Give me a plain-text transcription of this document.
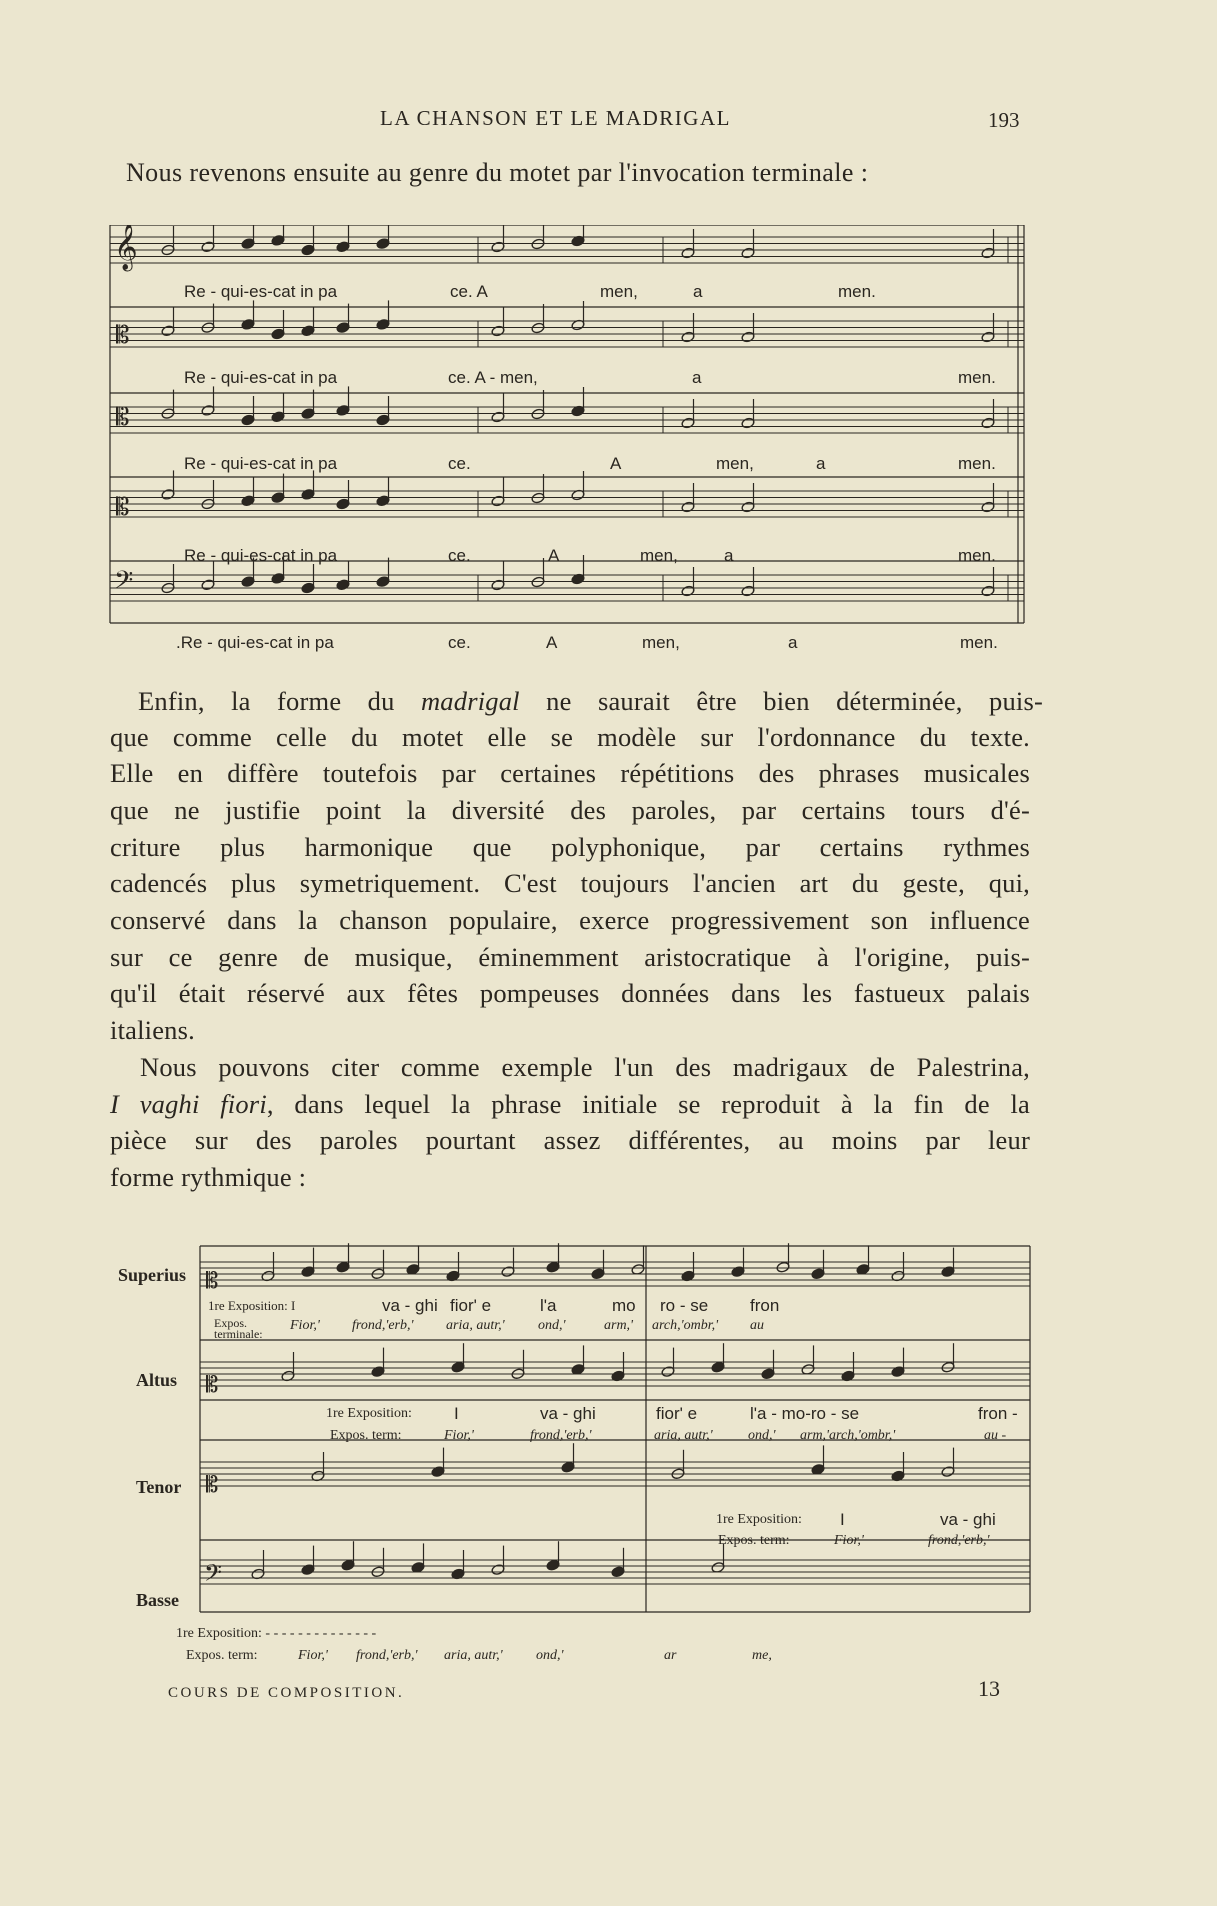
LA CHANSON ET LE MADRIGAL	193
Nous revenons ensuite au genre du motet par l'invocation terminale :
𝄞
𝄡
𝄡
𝄡
𝄢
Re - qui-es-cat in pa	ce. A	men,	a	men.
Re - qui-es-cat in pa	ce. A - men,	a	men.
Re - qui-es-cat in pa	ce.	A	men,	a	men.
Re - qui-es-cat in pa	ce.	A	men,	a	men.
.Re - qui-es-cat in pa	ce.	A	men,	a	men.
Enfin, la forme du madrigal ne saurait être bien déterminée, puis-
que comme celle du motet elle se modèle sur l'ordonnance du texte.
Elle en diffère toutefois par certaines répétitions des phrases musicales
que ne justifie point la diversité des paroles, par certains tours d'é-
criture plus harmonique que polyphonique, par certains rythmes
cadencés plus symetriquement. C'est toujours l'ancien art du geste, qui,
conservé dans la chanson populaire, exerce progressivement son influence
sur ce genre de musique, éminemment aristocratique à l'origine, puis-
qu'il était réservé aux fêtes pompeuses données dans les fastueux palais
italiens.
Nous pouvons citer comme exemple l'un des madrigaux de Palestrina,
I vaghi fiori, dans lequel la phrase initiale se reproduit à la fin de la
pièce sur des paroles pourtant assez différentes, au moins par leur
forme rythmique :
Superius
Altus
Tenor
Basse
𝄡
𝄡
𝄡
𝄢
1re Exposition: I	va - ghi fior' e	l'a	mo ro - se fron
Expos. terminale:
Fior,' frond,'erb,' aria, autr,' ond,'	arm,' arch,'ombr,' au
1re Exposition: I	va - ghi	fior' e	l'a - mo-ro - se	fron -
Expos. term:	Fior,'	frond,'erb,'	aria, autr,'	ond,' arm,'arch,'ombr,'	au -
1re Exposition: I	va - ghi
Expos. term:	Fior,'	frond,'erb,'
1re Exposition: - - - - - - - - - - - - - -
Expos. term:	Fior,' frond,'erb,' aria, autr,' ond,'	ar	me,
COURS DE COMPOSITION.	13
